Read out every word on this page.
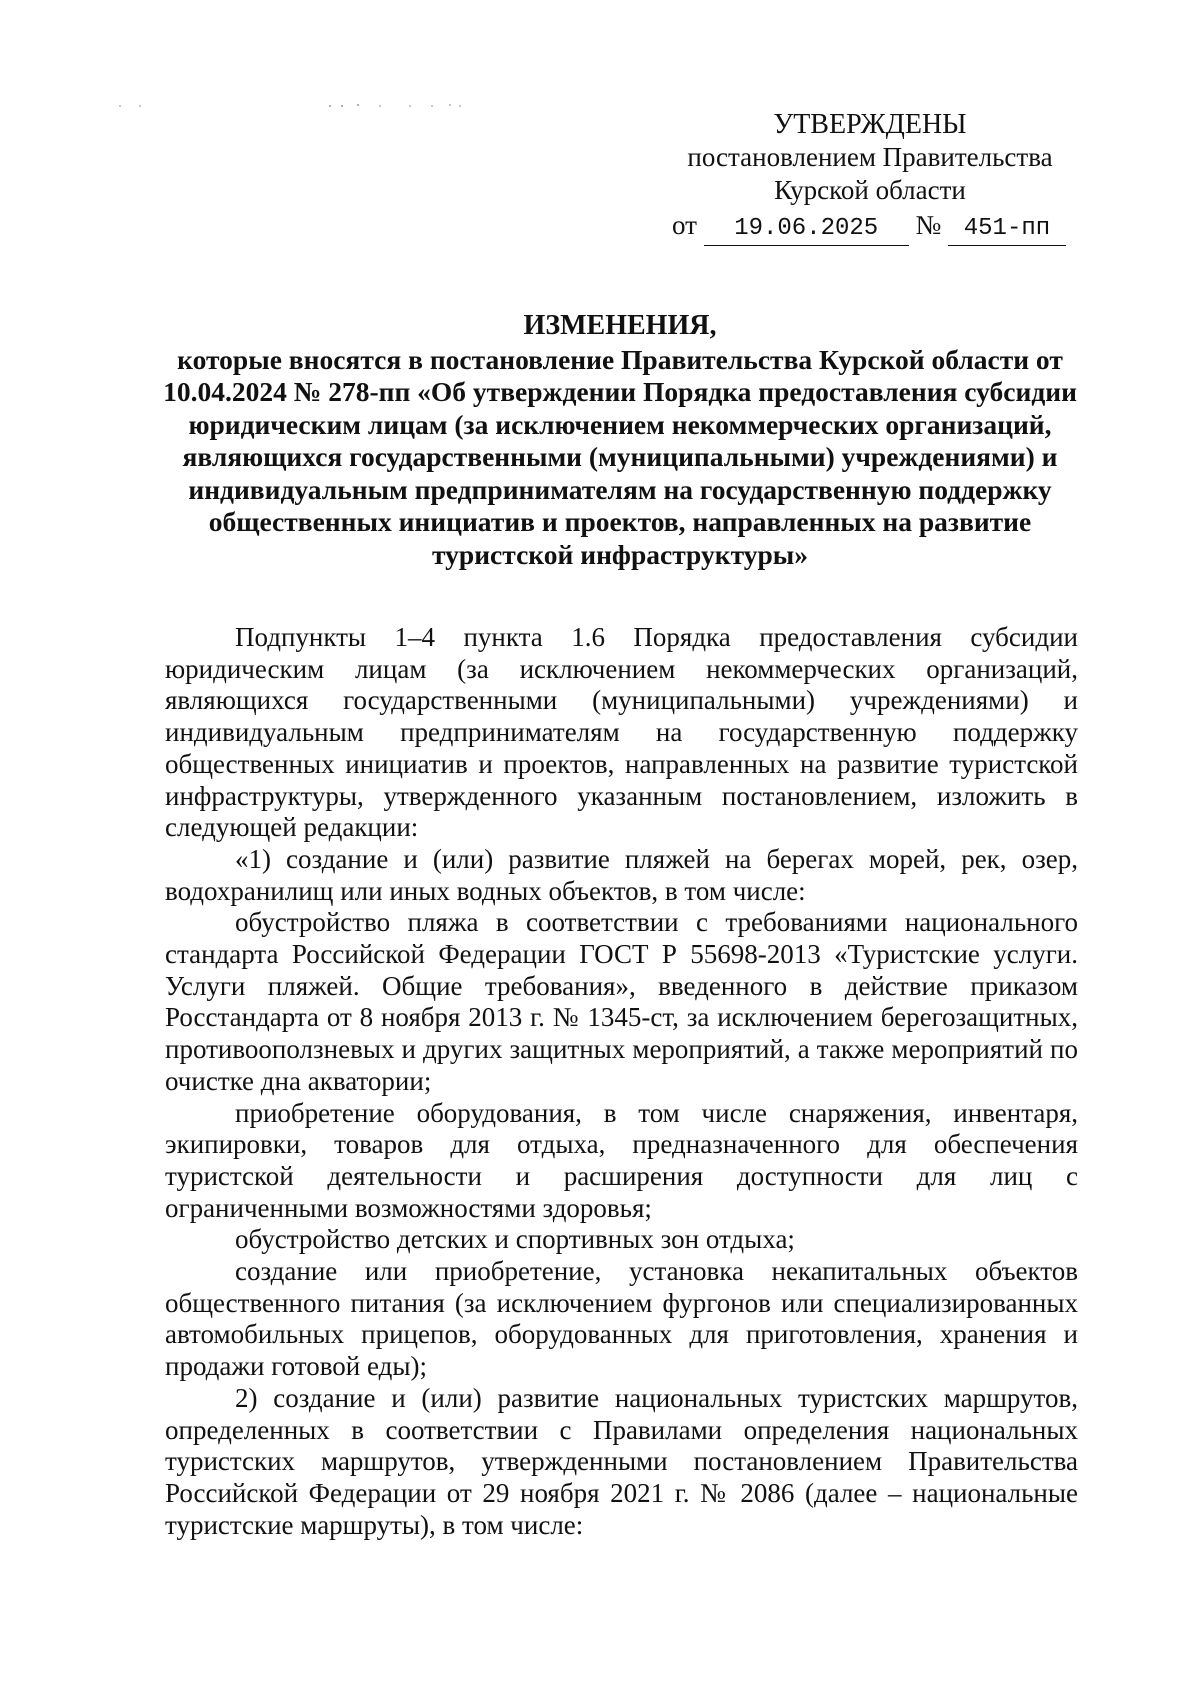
УТВЕРЖДЕНЫ
постановлением Правительства
Курской области
от 19.06.2025 № 451-пп
ИЗМЕНЕНИЯ,
которые вносятся в постановление Правительства Курской области от 10.04.2024 № 278-пп «Об утверждении Порядка предоставления субсидии юридическим лицам (за исключением некоммерческих организаций, являющихся государственными (муниципальными) учреждениями) и индивидуальным предпринимателям на государственную поддержку общественных инициатив и проектов, направленных на развитие туристской инфраструктуры»

Подпункты 1–4 пункта 1.6 Порядка предоставления субсидии юридическим лицам (за исключением некоммерческих организаций, являющихся государственными (муниципальными) учреждениями) и индивидуальным предпринимателям на государственную поддержку общественных инициатив и проектов, направленных на развитие туристской инфраструктуры, утвержденного указанным постановлением, изложить в следующей редакции:

«1) создание и (или) развитие пляжей на берегах морей, рек, озер, водохранилищ или иных водных объектов, в том числе:

обустройство пляжа в соответствии с требованиями национального стандарта Российской Федерации ГОСТ Р 55698-2013 «Туристские услуги. Услуги пляжей. Общие требования», введенного в действие приказом Росстандарта от 8 ноября 2013 г. № 1345-ст, за исключением берегозащитных, противооползневых и других защитных мероприятий, а также мероприятий по очистке дна акватории;

приобретение оборудования, в том числе снаряжения, инвентаря, экипировки, товаров для отдыха, предназначенного для обеспечения туристской деятельности и расширения доступности для лиц с ограниченными возможностями здоровья;

обустройство детских и спортивных зон отдыха;

создание или приобретение, установка некапитальных объектов общественного питания (за исключением фургонов или специализированных автомобильных прицепов, оборудованных для приготовления, хранения и продажи готовой еды);

2) создание и (или) развитие национальных туристских маршрутов, определенных в соответствии с Правилами определения национальных туристских маршрутов, утвержденными постановлением Правительства Российской Федерации от 29 ноября 2021 г. № 2086 (далее – национальные туристские маршруты), в том числе:
